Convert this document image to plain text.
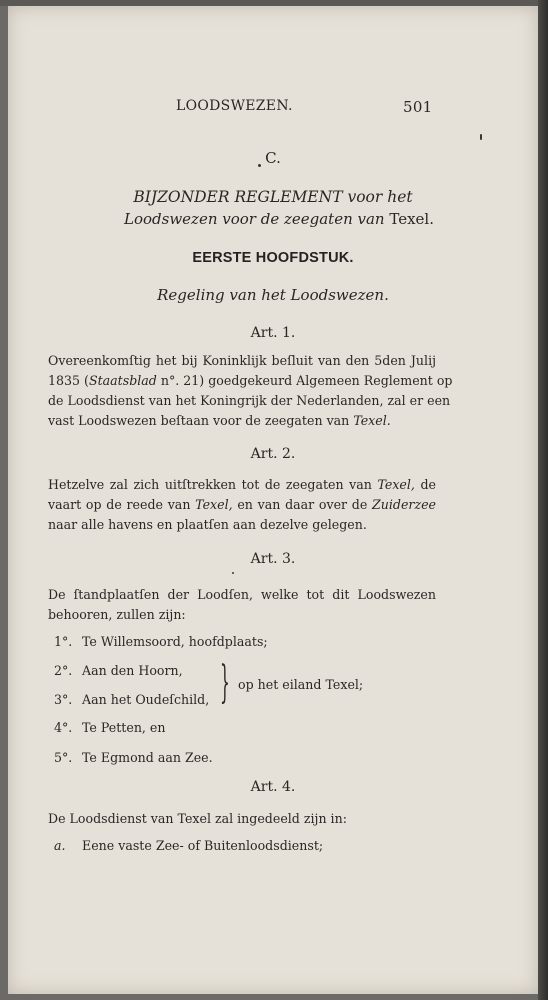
LOODSWEZEN.	501
C.
BIJZONDER REGLEMENT voor het
Loodswezen voor de zeegaten van Texel.
EERSTE HOOFDSTUK.
Regeling van het Loodswezen.
Art. 1.
Overeenkomſtig het bij Koninklijk beſluit van den 5den Julij
1835 (Staatsblad n°. 21) goedgekeurd Algemeen Reglement op
de Loodsdienst van het Koningrijk der Nederlanden, zal er een
vast Loodswezen beſtaan voor de zeegaten van Texel.
Art. 2.
Hetzelve zal zich uitſtrekken tot de zeegaten van Texel, de
vaart op de reede van Texel, en van daar over de Zuiderzee
naar alle havens en plaatſen aan dezelve gelegen.
Art. 3.
De ſtandplaatſen der Loodſen, welke tot dit Loodswezen
behooren, zullen zijn:
1°. Te Willemsoord, hoofdplaats;
2°. Aan den Hoorn,
3°. Aan het Oudeſchild, } op het eiland Texel;
4°. Te Petten, en
5°. Te Egmond aan Zee.
Art. 4.
De Loodsdienst van Texel zal ingedeeld zijn in:
a. Eene vaste Zee- of Buitenloodsdienst;
